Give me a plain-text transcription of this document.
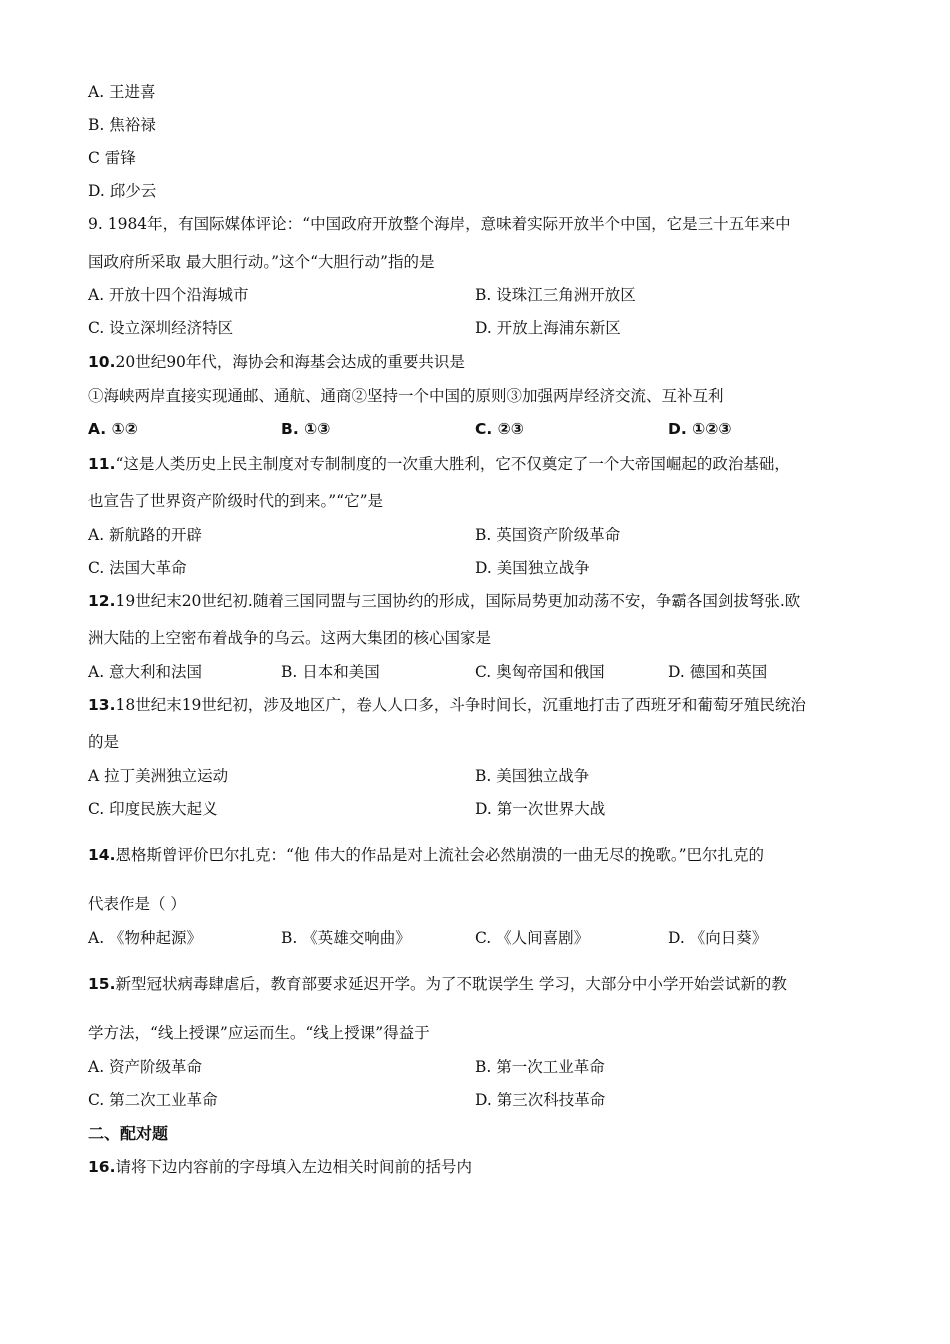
A. 王进喜
B. 焦裕禄
C 雷锋
D. 邱少云
9. 1984年，有国际媒体评论：“中国政府开放整个海岸，意味着实际开放半个中国，它是三十五年来中
国政府所采取 最大胆行动。”这个“大胆行动”指的是
A. 开放十四个沿海城市	B. 设珠江三角洲开放区
C. 设立深圳经济特区	D. 开放上海浦东新区
10.20世纪90年代，海协会和海基会达成的重要共识是
①海峡两岸直接实现通邮、通航、通商②坚持一个中国的原则③加强两岸经济交流、互补互利
A. ①②	B. ①③	C. ②③	D. ①②③
11.“这是人类历史上民主制度对专制制度的一次重大胜利，它不仅奠定了一个大帝国崛起的政治基础，
也宣告了世界资产阶级时代的到来。”“它”是
A. 新航路的开辟	B. 英国资产阶级革命
C. 法国大革命	D. 美国独立战争
12.19世纪末20世纪初.随着三国同盟与三国协约的形成，国际局势更加动荡不安，争霸各国剑拔弩张.欧
洲大陆的上空密布着战争的乌云。这两大集团的核心国家是
A. 意大利和法国	B. 日本和美国	C. 奥匈帝国和俄国	D. 德国和英国
13.18世纪末19世纪初，涉及地区广，卷人人口多，斗争时间长，沉重地打击了西班牙和葡萄牙殖民统治
的是
A 拉丁美洲独立运动	B. 美国独立战争
C. 印度民族大起义	D. 第一次世界大战
14.恩格斯曾评价巴尔扎克：“他 伟大的作品是对上流社会必然崩溃的一曲无尽的挽歌。”巴尔扎克的
代表作是（ ）
A. 《物种起源》	B. 《英雄交响曲》	C. 《人间喜剧》	D. 《向日葵》
15.新型冠状病毒肆虐后，教育部要求延迟开学。为了不耽误学生 学习，大部分中小学开始尝试新的教
学方法，“线上授课”应运而生。“线上授课”得益于
A. 资产阶级革命	B. 第一次工业革命
C. 第二次工业革命	D. 第三次科技革命
二、配对题
16.请将下边内容前的字母填入左边相关时间前的括号内
